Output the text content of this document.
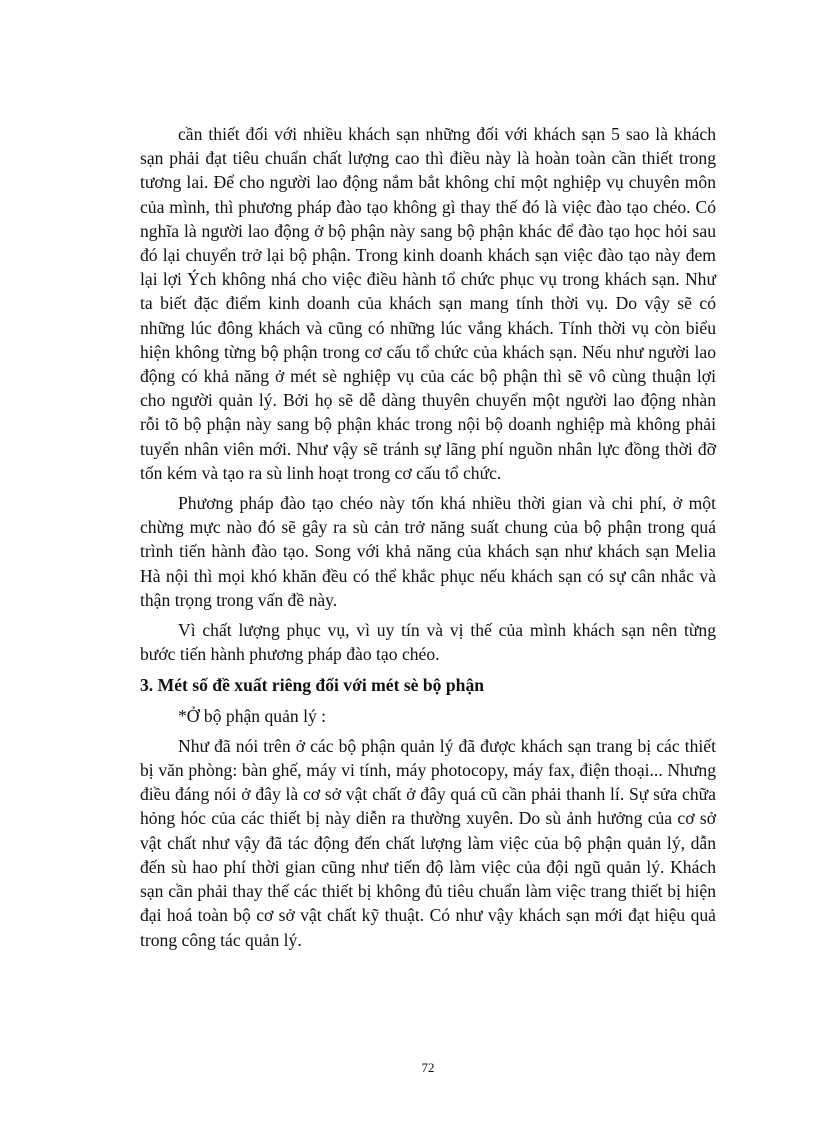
cần thiết đối với nhiều khách sạn những đối với khách sạn 5 sao là khách sạn phải đạt tiêu chuẩn chất lượng cao thì điều này là hoàn toàn cần thiết trong tương lai. Để cho người lao động nắm bắt không chỉ một nghiệp vụ chuyên môn của mình, thì phương pháp đào tạo không gì thay thế đó là việc đào tạo chéo. Có nghĩa là người lao động ở bộ phận này sang bộ phận khác để đào tạo học hỏi sau đó lại chuyển trở lại bộ phận. Trong kinh doanh khách sạn việc đào tạo này đem lại lợi Ých không nhá cho việc điều hành tổ chức phục vụ trong khách sạn. Như ta biết đặc điểm kinh doanh của khách sạn mang tính thời vụ. Do vậy sẽ có những lúc đông khách và cũng có những lúc vắng khách. Tính thời vụ còn biểu hiện không từng bộ phận trong cơ cấu tổ chức của khách sạn. Nếu như người lao động có khả năng ở mét sè nghiệp vụ của các bộ phận thì sẽ vô cùng thuận lợi cho người quản lý. Bởi họ sẽ dễ dàng thuyên chuyển một người lao động nhàn rỗi tõ bộ phận này sang bộ phận khác trong nội bộ doanh nghiệp mà không phải tuyển nhân viên mới. Như vậy sẽ tránh sự lãng phí nguồn nhân lực đồng thời đỡ tốn kém và tạo ra sù linh hoạt trong cơ cấu tổ chức.

Phương pháp đào tạo chéo này tốn khá nhiều thời gian và chi phí, ở một chừng mực nào đó sẽ gây ra sù cản trở năng suất chung của bộ phận trong quá trình tiến hành đào tạo. Song với khả năng của khách sạn như khách sạn Melia Hà nội thì mọi khó khăn đều có thể khắc phục nếu khách sạn có sự cân nhắc và thận trọng trong vấn đề này.

Vì chất lượng phục vụ, vì uy tín và vị thế của mình khách sạn nên từng bước tiến hành phương pháp đào tạo chéo.

3. Mét số đề xuất riêng đối với mét sè bộ phận

*Ở bộ phận quản lý :

Như đã nói trên ở các bộ phận quản lý đã được khách sạn trang bị các thiết bị văn phòng: bàn ghế, máy vi tính, máy photocopy, máy fax, điện thoại... Nhưng điều đáng nói ở đây là cơ sở vật chất ở đây quá cũ cần phải thanh lí. Sự sửa chữa hỏng hóc của các thiết bị này diễn ra thường xuyên. Do sù ảnh hưởng của cơ sở vật chất như vậy đã tác động đến chất lượng làm việc của bộ phận quản lý, dẫn đến sù hao phí thời gian cũng như tiến độ làm việc của đội ngũ quản lý. Khách sạn cần phải thay thế các thiết bị không đủ tiêu chuẩn làm việc trang thiết bị hiện đại hoá toàn bộ cơ sở vật chất kỹ thuật. Có như vậy khách sạn mới đạt hiệu quả trong công tác quản lý.

72
